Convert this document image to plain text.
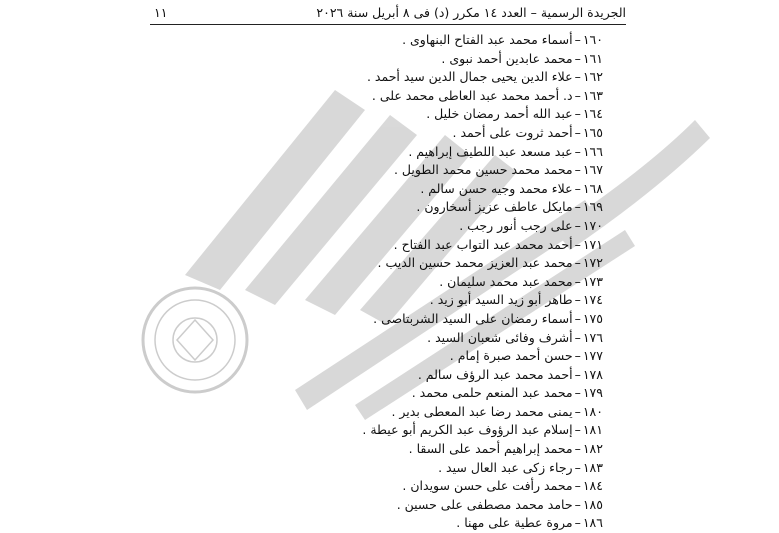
١١	الجريدة الرسمية – العدد ١٤ مكرر (د) فى ٨ أبريل سنة ٢٠٢٦
١٦٠–أسماء محمد عبد الفتاح البنهاوى .
١٦١–محمد عابدين أحمد نبوى .
١٦٢–علاء الدين يحيى جمال الدين سيد أحمد .
١٦٣–د. أحمد محمد عبد العاطى محمد على .
١٦٤–عبد الله أحمد رمضان خليل .
١٦٥–أحمد ثروت على أحمد .
١٦٦–عبد مسعد عبد اللطيف إبراهيم .
١٦٧–محمد محمد حسين محمد الطويل .
١٦٨–علاء محمد وجيه حسن سالم .
١٦٩–مايكل عاطف عزيز أسخارون .
١٧٠–على رجب أنور رجب .
١٧١–أحمد محمد عبد التواب عبد الفتاح .
١٧٢–محمد عبد العزيز محمد حسين الديب .
١٧٣–محمد عبد محمد سليمان .
١٧٤–طاهر أبو زيد السيد أبو زيد .
١٧٥–أسماء رمضان على السيد الشربتاصى .
١٧٦–أشرف وفائى شعبان السيد .
١٧٧–حسن أحمد صبرة إمام .
١٧٨–أحمد محمد عبد الرؤف سالم .
١٧٩–محمد عبد المنعم حلمى محمد .
١٨٠–يمنى محمد رضا عبد المعطى بدير .
١٨١–إسلام عبد الرؤوف عبد الكريم أبو عيطة .
١٨٢–محمد إبراهيم أحمد على السقا .
١٨٣–رجاء زكى عبد العال سيد .
١٨٤–محمد رأفت على حسن سويدان .
١٨٥–حامد محمد مصطفى على حسين .
١٨٦–مروة عطية على مهنا .
